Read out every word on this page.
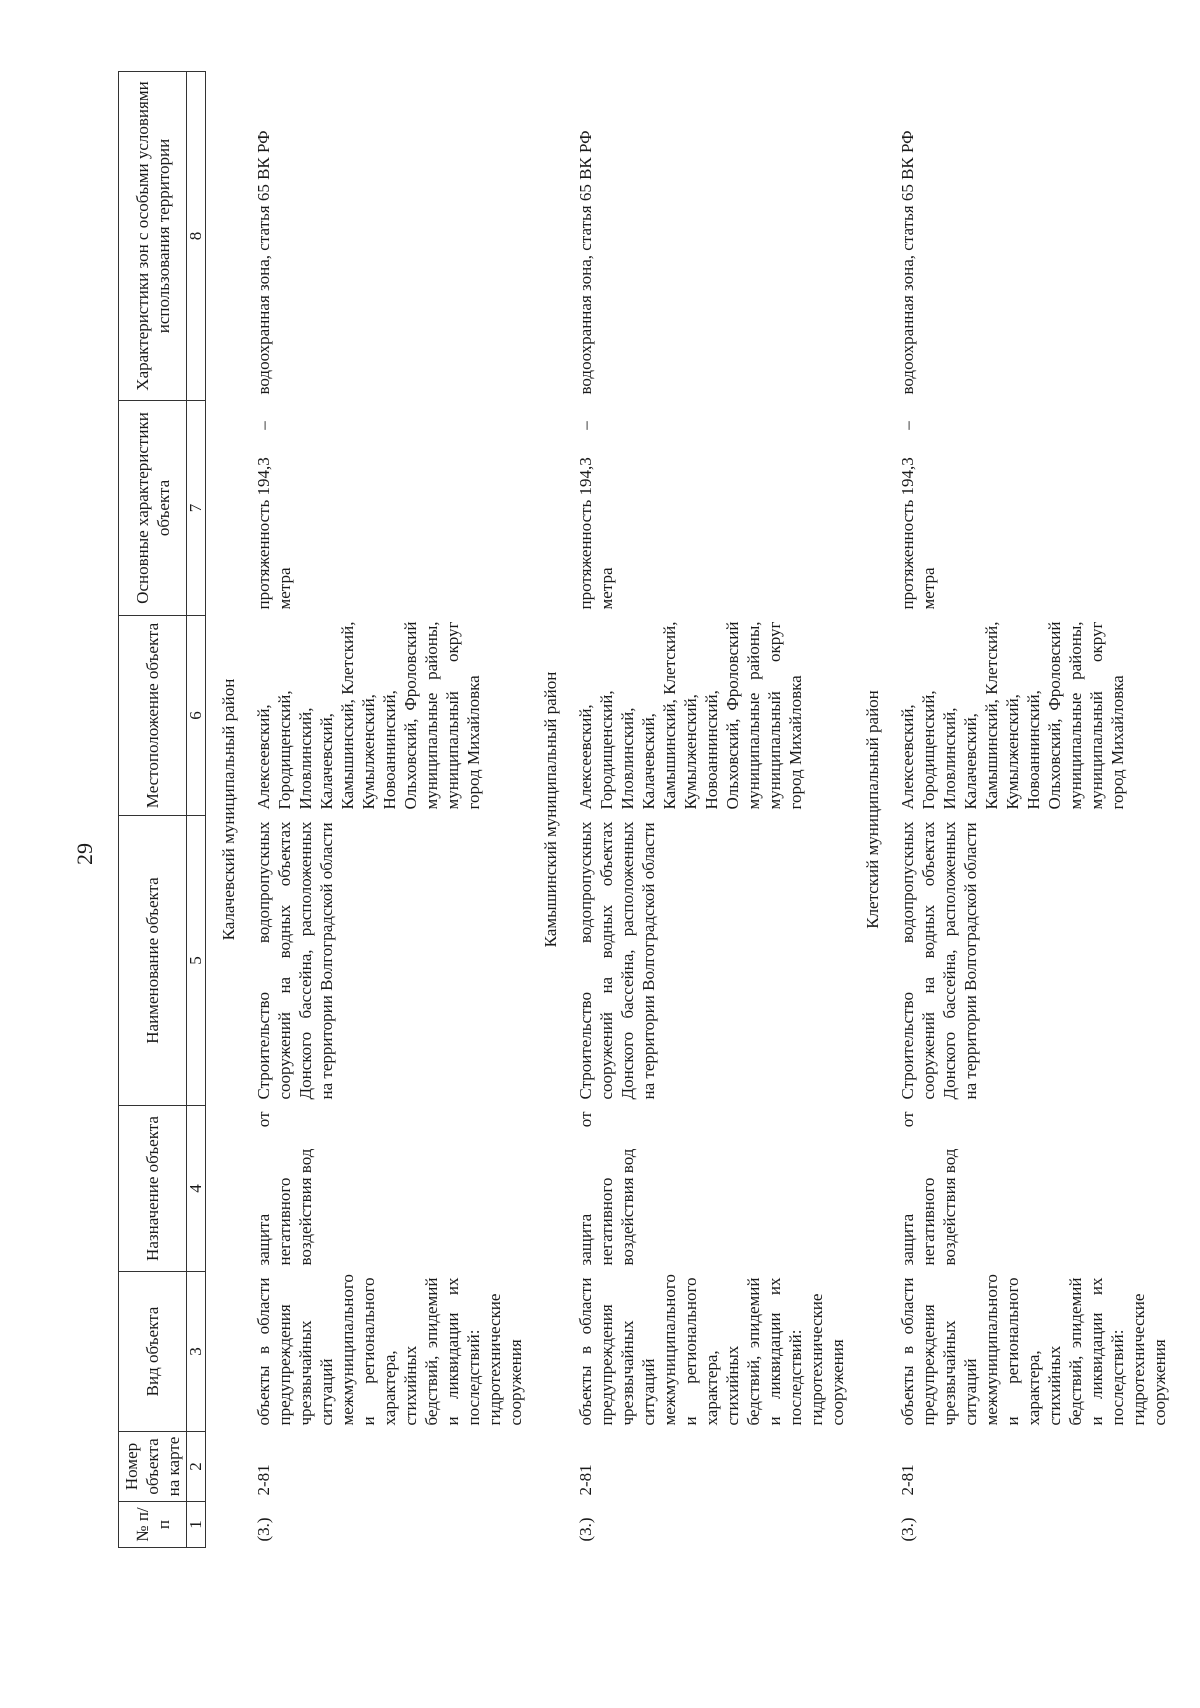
29
№ п/п	Номер объекта на карте	Вид объекта	Назначение объекта	Наименование объекта	Местоположение объекта	Основные характеристики объекта		Характеристики зон с особыми условиями использования территории
1	2	3	4	5	6	7		8
Калачевский муниципальный район								
(3.)	2-81	объекты в области предупреждения чрезвычайных ситуаций межмуниципального и регионального характера, стихийных бедствий, эпидемий и ликвидации их последствий: гидротехнические сооружения	защита от негативного воздействия вод	Строительство водопропускных сооружений на водных объектах Донского бассейна, расположенных на территории Волгоградской области	Алексеевский, Городищенский, Иловлинский, Калачевский, Камышинский, Клетский, Кумылженский, Новоаннинский, Ольховский, Фроловский муниципальные районы, муниципальный округ город Михайловка	протяженность 194,3 метра	–	водоохранная зона, статья 65 ВК РФ
Камышинский муниципальный район								
(3.)	2-81	объекты в области предупреждения чрезвычайных ситуаций межмуниципального и регионального характера, стихийных бедствий, эпидемий и ликвидации их последствий: гидротехнические сооружения	защита от негативного воздействия вод	Строительство водопропускных сооружений на водных объектах Донского бассейна, расположенных на территории Волгоградской области	Алексеевский, Городищенский, Иловлинский, Калачевский, Камышинский, Клетский, Кумылженский, Новоаннинский, Ольховский, Фроловский муниципальные районы, муниципальный округ город Михайловка	протяженность 194,3 метра	–	водоохранная зона, статья 65 ВК РФ
Клетский муниципальный район								
(3.)	2-81	объекты в области предупреждения чрезвычайных ситуаций межмуниципального и регионального характера, стихийных бедствий, эпидемий и ликвидации их последствий: гидротехнические сооружения	защита от негативного воздействия вод	Строительство водопропускных сооружений на водных объектах Донского бассейна, расположенных на территории Волгоградской области	Алексеевский, Городищенский, Иловлинский, Калачевский, Камышинский, Клетский, Кумылженский, Новоаннинский, Ольховский, Фроловский муниципальные районы, муниципальный округ город Михайловка	протяженность 194,3 метра	–	водоохранная зона, статья 65 ВК РФ
